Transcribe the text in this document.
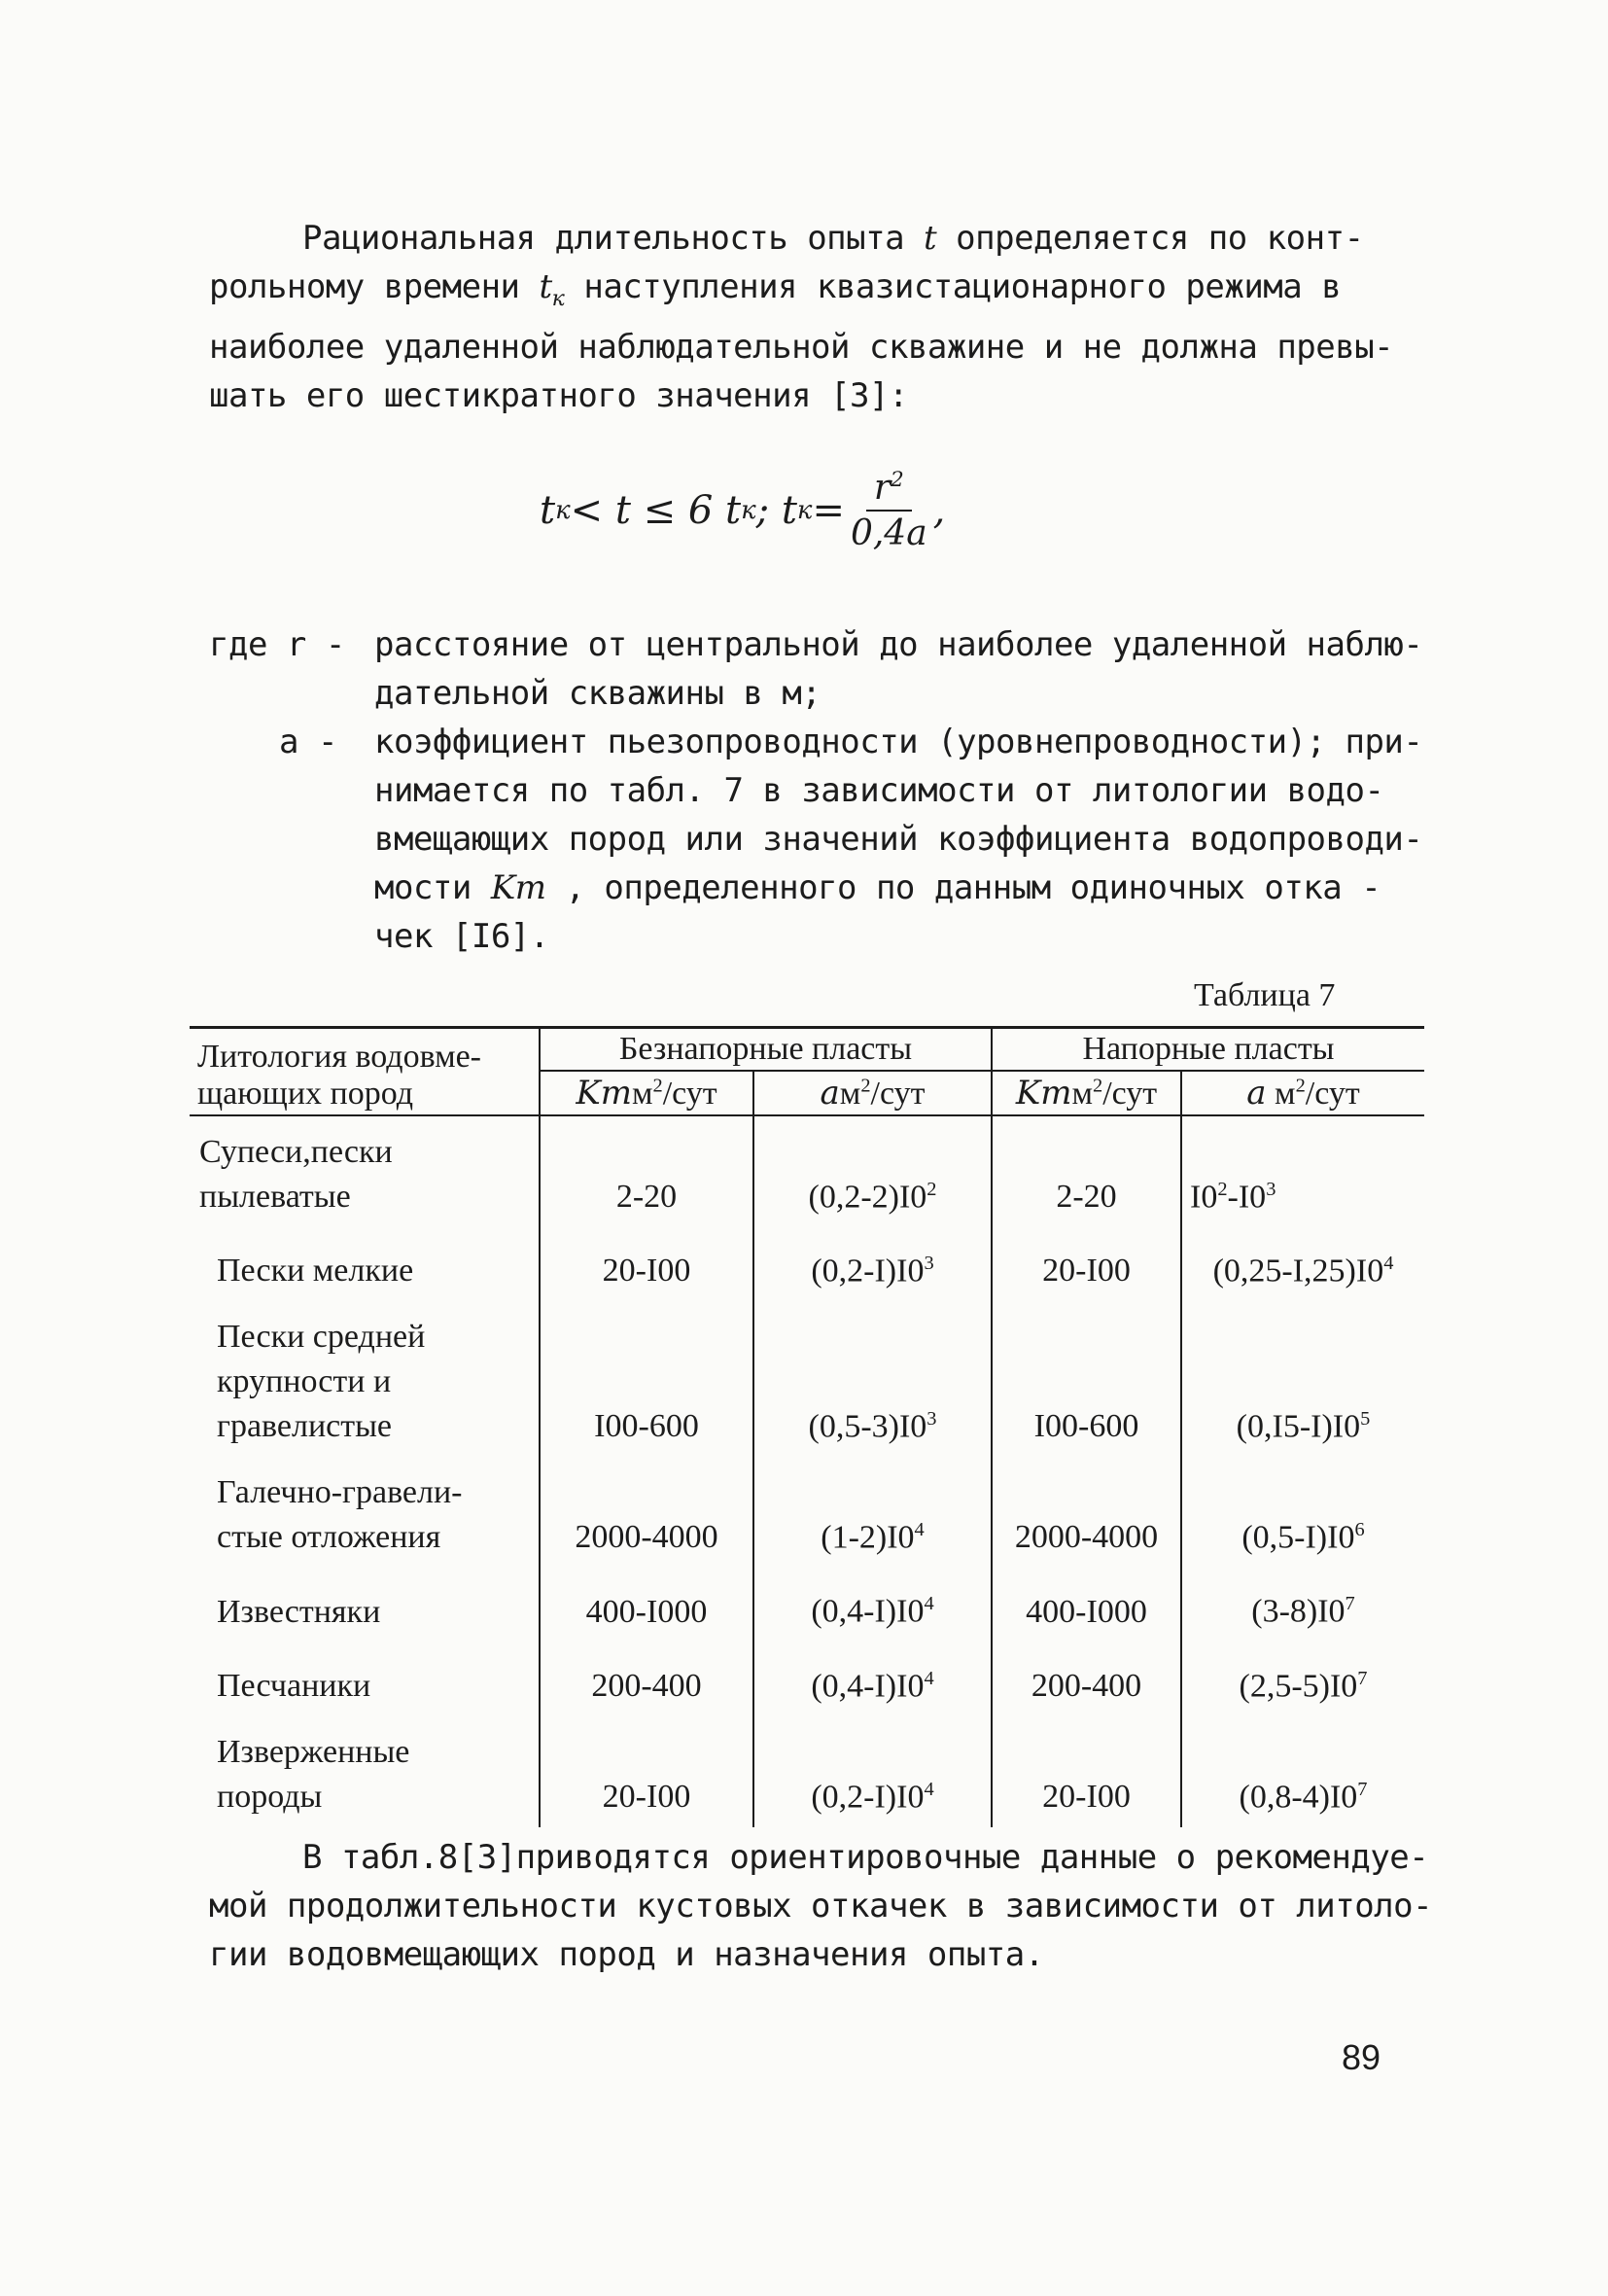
Рациональная длительность опыта t определяется по конт-
рольному времени $t_к$ наступления квазистационарного режима в
наиболее удаленной наблюдательной скважине и не должна превы-
шать его шестикратного значения [3]:
t к < t ≤ 6 t к ; t $к = \frac{r^2}{0,4a}$ ,
где r - расстояние от центральной до наиболее удаленной наблю-
дательной скважины в м;
a - коэффициент пьезопроводности (уровнепроводности); при-
нимается по табл. 7 в зависимости от литологии водо-
вмещающих пород или значений коэффициента водопроводи-
мости Km , определенного по данным одиночных отка -
чек [I6].
Таблица 7
Литология водовме-
щающих пород	Безнапорные пласты		Напорные пласты	
	Kmм$^2$/сут	$aм^2$/сут	Kmм$^2$/сут	a $м^2$/сут

Супеси,пески
пылеватые	2-20	$(0,2-2)I0^2$	2-20	$I0^2-I0^3$

Пески мелкие	20-I00	$(0,2-I)I0^3$	20-I00	$(0,25-I,25)I0^4$

Пески средней
крупности и
гравелистые	I00-600	$(0,5-3)I0^3$	I00-600	$(0,I5-I)I0^5$

Галечно-гравели-
стые отложения	2000-4000	$(1-2)I0^4$	2000-4000	$(0,5-I)I0^6$

Известняки	400-I000	$(0,4-I)I0^4$	400-I000	$(3-8)I0^7$

Песчаники	200-400	$(0,4-I)I0^4$	200-400	$(2,5-5)I0^7$

Изверженные
породы	20-I00	$(0,2-I)I0^4$	20-I00	$(0,8-4)I0^7$
В табл.8[3]приводятся ориентировочные данные о рекомендуе-
мой продолжительности кустовых откачек в зависимости от литоло-
гии водовмещающих пород и назначения опыта.
89
